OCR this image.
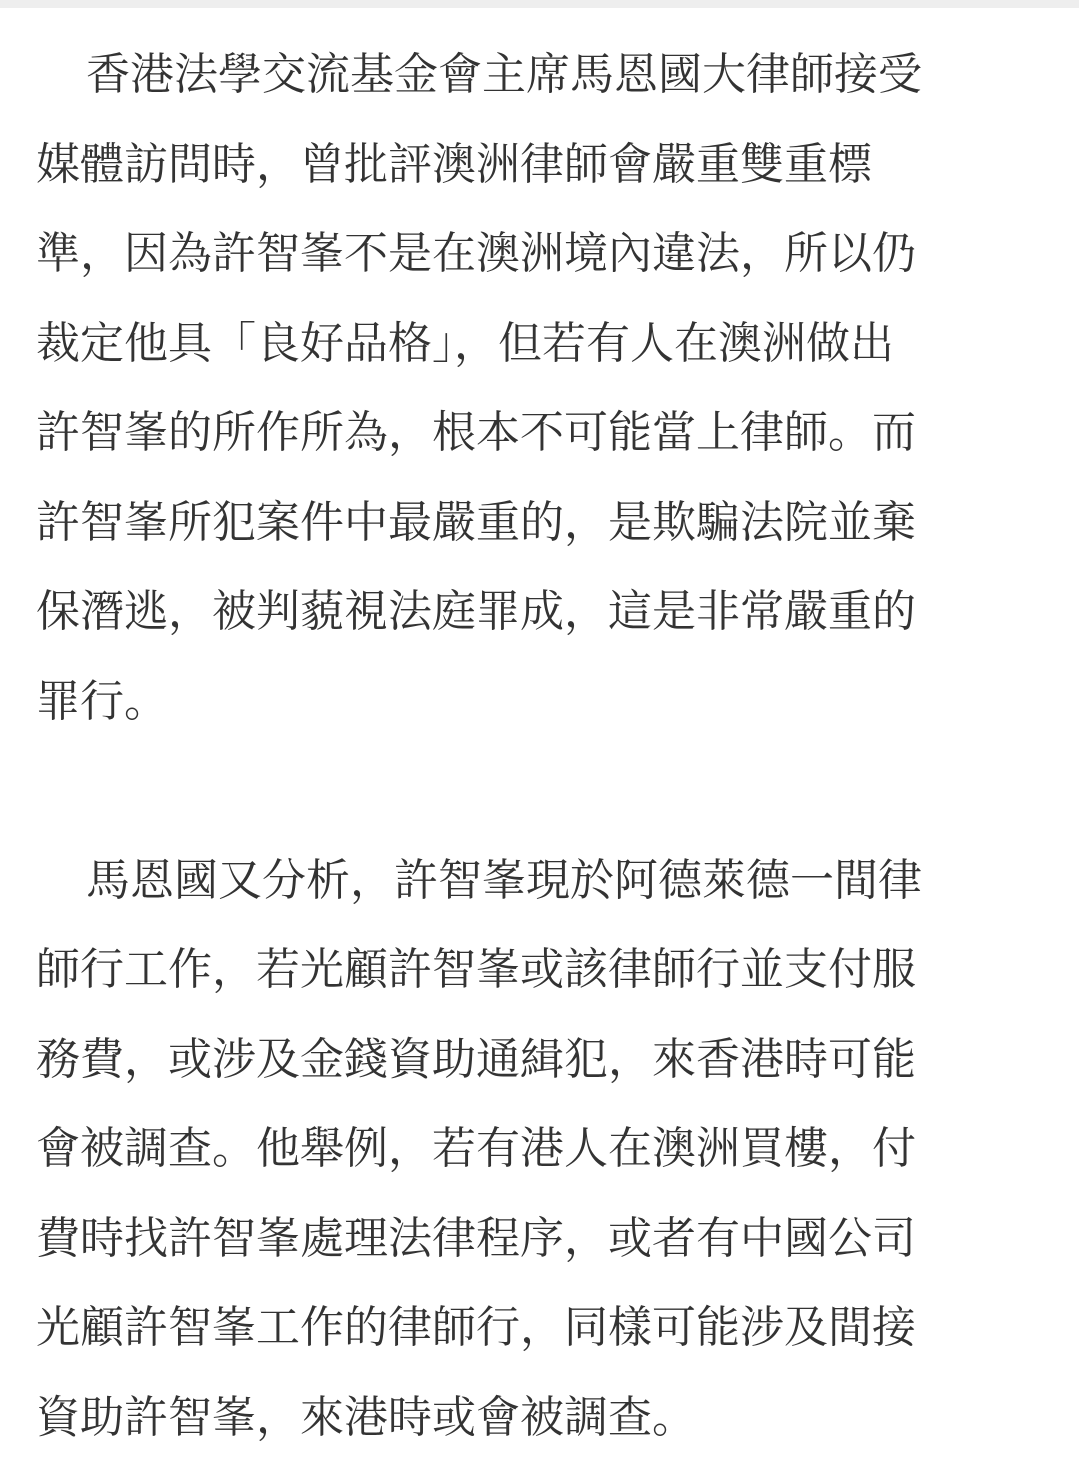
香港法學交流基金會主席馬恩國大律師接受
媒體訪問時，曾批評澳洲律師會嚴重雙重標
準，因為許智峯不是在澳洲境內違法，所以仍
裁定他具「良好品格」，但若有人在澳洲做出
許智峯的所作所為，根本不可能當上律師。而
許智峯所犯案件中最嚴重的，是欺騙法院並棄
保潛逃，被判藐視法庭罪成，這是非常嚴重的
罪行。
馬恩國又分析，許智峯現於阿德萊德一間律
師行工作，若光顧許智峯或該律師行並支付服
務費，或涉及金錢資助通緝犯，來香港時可能
會被調查。他舉例，若有港人在澳洲買樓，付
費時找許智峯處理法律程序，或者有中國公司
光顧許智峯工作的律師行，同樣可能涉及間接
資助許智峯，來港時或會被調查。
